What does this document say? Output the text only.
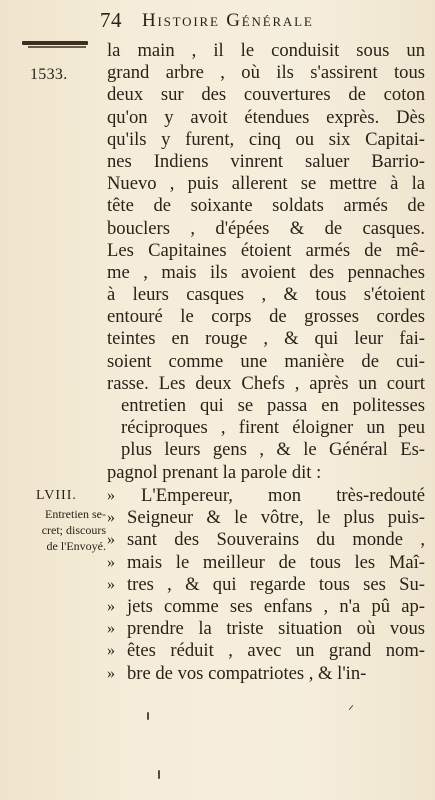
74 Histoire Générale
1533.
la main , il le conduisit sous un
grand arbre , où ils s'assirent tous
deux sur des couvertures de coton
qu'on y avoit étendues exprès. Dès
qu'ils y furent, cinq ou six Capitai-
nes Indiens vinrent saluer Barrio-
Nuevo , puis allerent se mettre à la
tête de soixante soldats armés de
bouclers , d'épées & de casques.
Les Capitaines étoient armés de mê-
me , mais ils avoient des pennaches
à leurs casques , & tous s'étoient
entouré le corps de grosses cordes
teintes en rouge , & qui leur fai-
soient comme une manière de cui-
rasse. Les deux Chefs , après un court
entretien qui se passa en politesses
réciproques , firent éloigner un peu
plus leurs gens , & le Général Es-
pagnol prenant la parole dit :
LVIII.
Entretien se-
cret; discours
de l'Envoyé.
»	L'Empereur, mon très-redouté
» Seigneur & le vôtre, le plus puis-
» sant des Souverains du monde ,
» mais le meilleur de tous les Maî-
» tres , & qui regarde tous ses Su-
» jets comme ses enfans , n'a pû ap-
» prendre la triste situation où vous
» êtes réduit , avec un grand nom-
» bre de vos compatriotes , & l'in-
